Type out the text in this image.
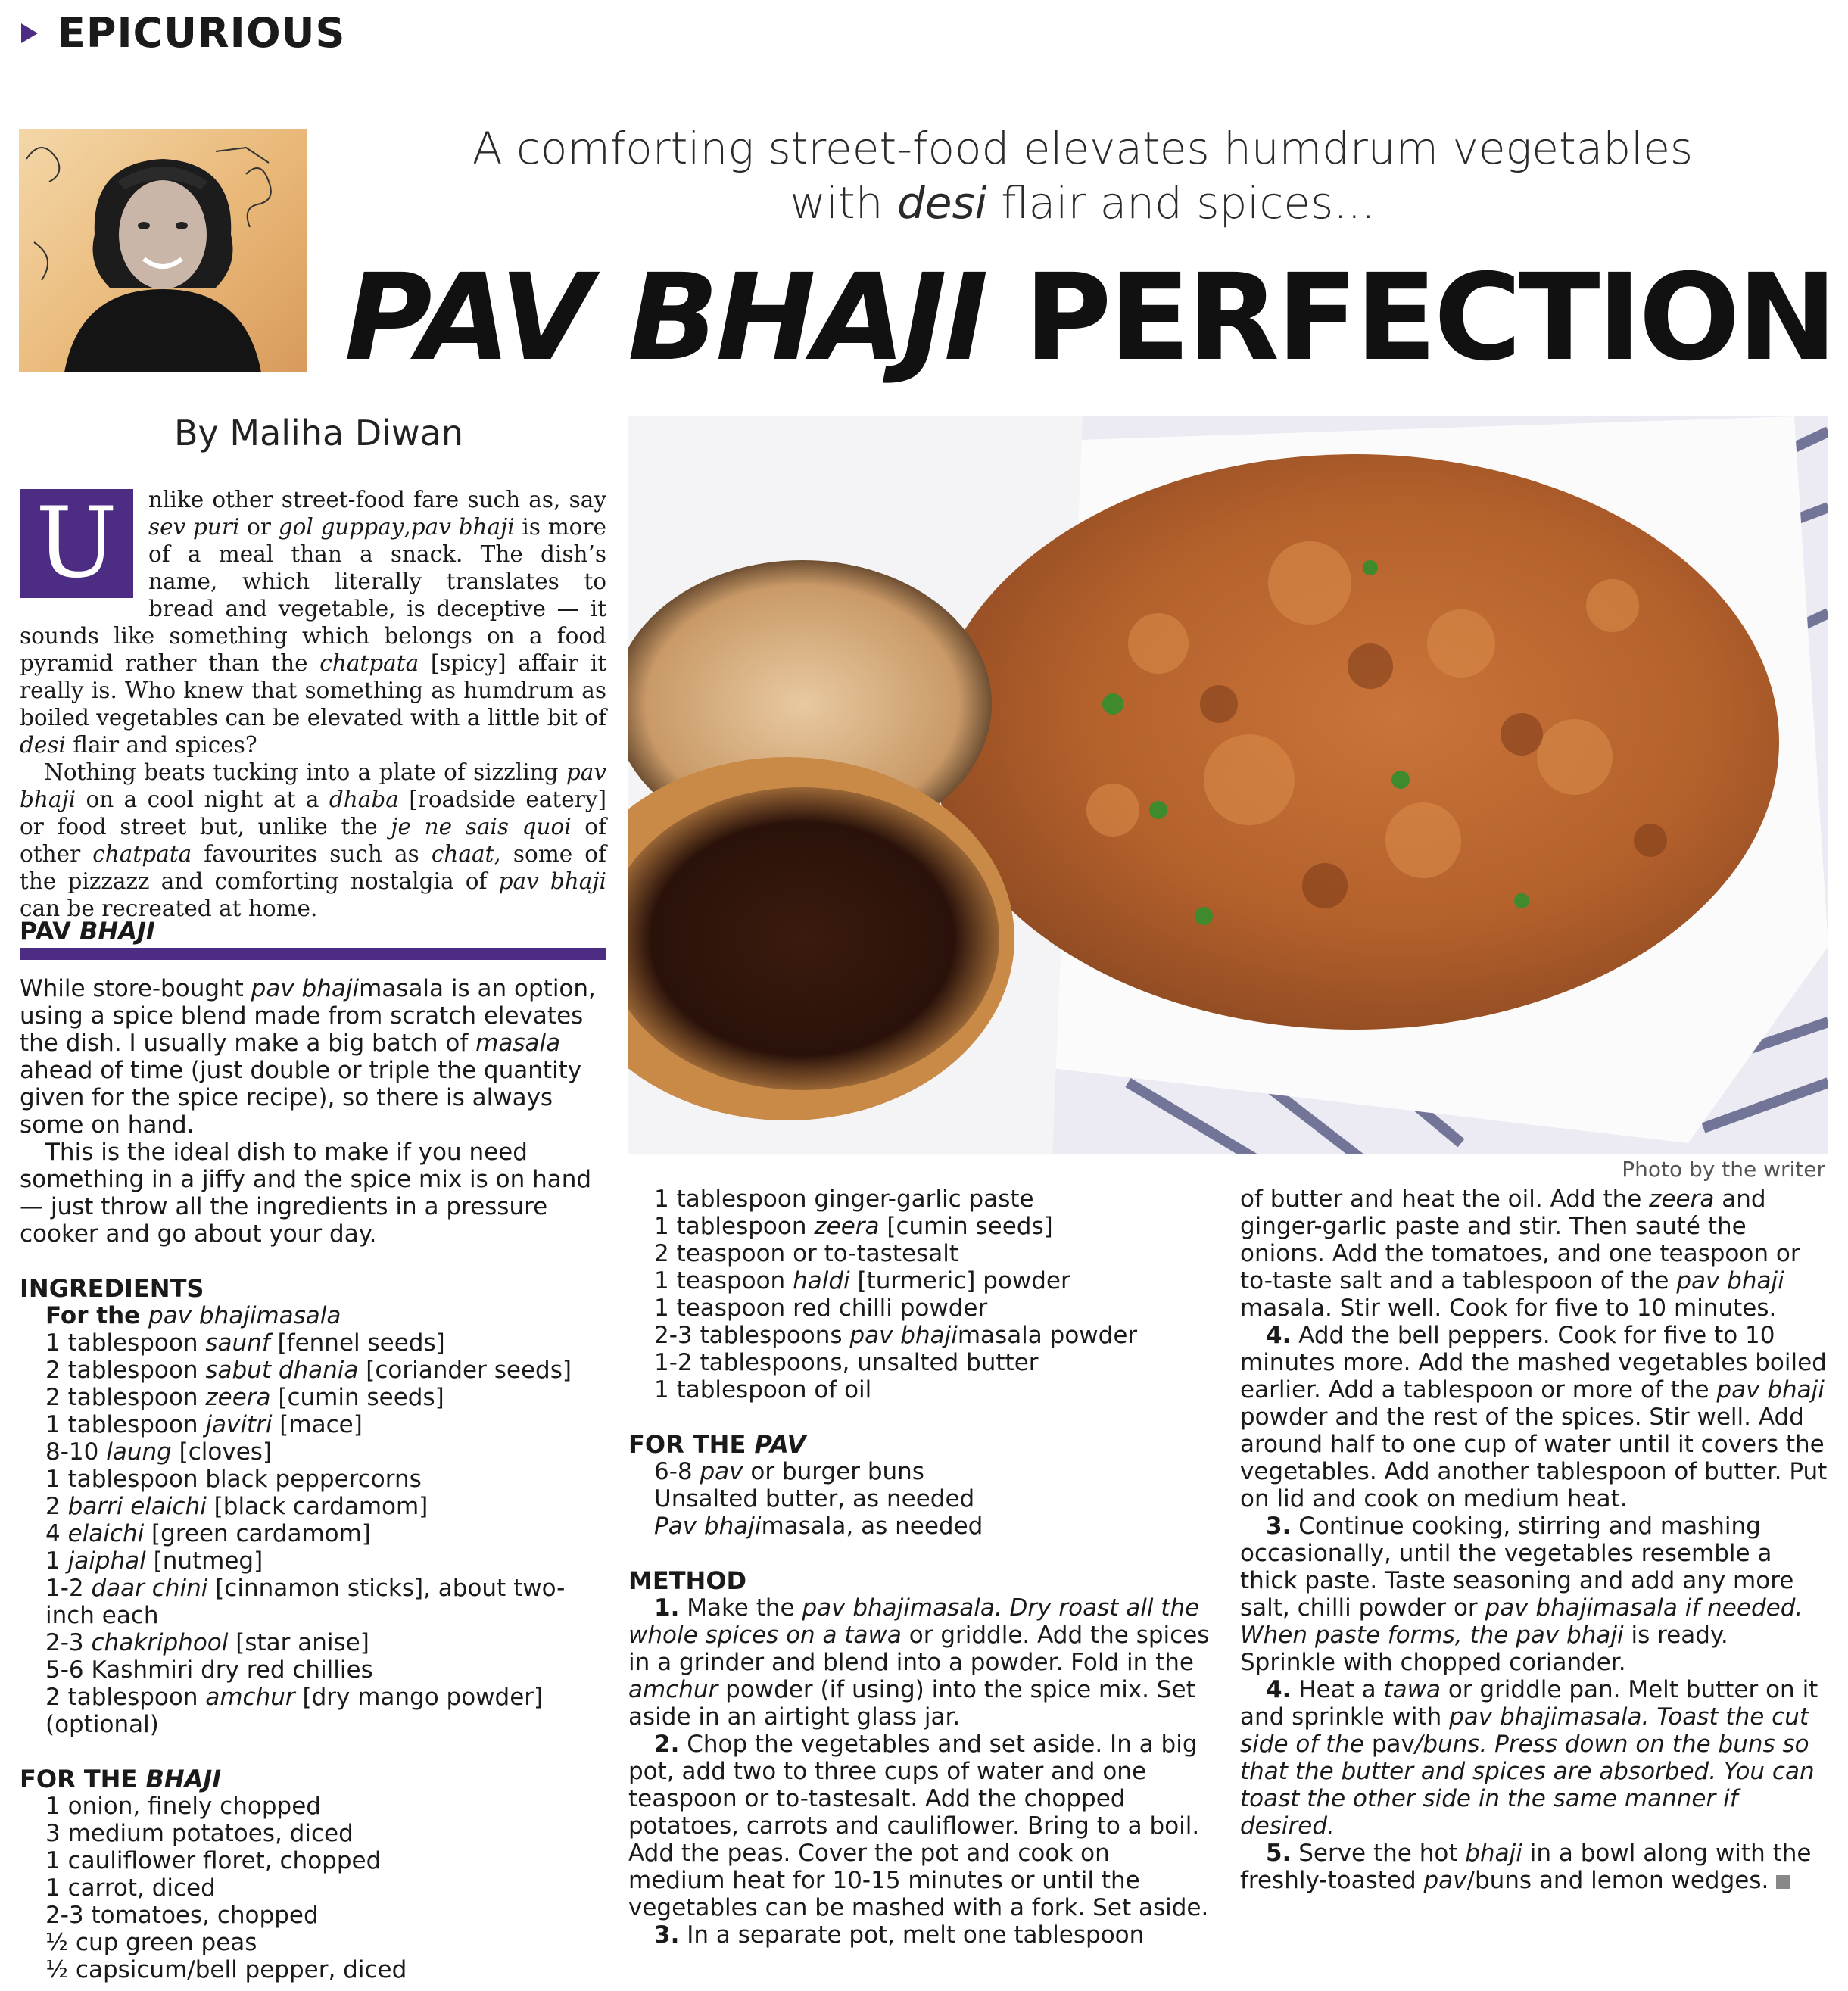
EPICURIOUS
A comforting street-food elevates humdrum vegetables
with desi flair and spices...
PAV BHAJI PERFECTION
By Maliha Diwan
Photo by the writer

U	nlike other street-food fare such as, say sev puri or gol guppay,pav bhaji is more of a meal than a snack. The dish’s name, which literally translates to bread and vegetable, is deceptive — it sounds like something which belongs on a food pyramid rather than the chatpata [spicy] affair it really is. Who knew that something as humdrum as boiled vegetables can be elevated with a little bit of desi flair and spices?

Nothing beats tucking into a plate of sizzling pav bhaji on a cool night at a dhaba [roadside eatery] or food street but, unlike the je ne sais quoi of other chatpata favourites such as chaat, some of the pizzazz and comforting nostalgia of pav bhaji can be recreated at home.

PAV BHAJI

While store-bought pav bhajimasala is an option, using a spice blend made from scratch elevates the dish. I usually make a big batch of masala ahead of time (just double or triple the quantity given for the spice recipe), so there is always some on hand.

This is the ideal dish to make if you need something in a jiffy and the spice mix is on hand — just throw all the ingredients in a pressure cooker and go about your day.

INGREDIENTS
For the pav bhajimasala
1 tablespoon saunf [fennel seeds]
2 tablespoon sabut dhania [coriander seeds]
2 tablespoon zeera [cumin seeds]
1 tablespoon javitri [mace]
8-10 laung [cloves]
1 tablespoon black peppercorns
2 barri elaichi [black cardamom]
4 elaichi [green cardamom]
1 jaiphal [nutmeg]
1-2 daar chini [cinnamon sticks], about two-inch each
2-3 chakriphool [star anise]
5-6 Kashmiri dry red chillies
2 tablespoon amchur [dry mango powder] (optional)
FOR THE BHAJI
1 onion, finely chopped
3 medium potatoes, diced
1 cauliflower floret, chopped
1 carrot, diced
2-3 tomatoes, chopped
½ cup green peas
½ capsicum/bell pepper, diced
1 tablespoon ginger-garlic paste
1 tablespoon zeera [cumin seeds]
2 teaspoon or to-tastesalt
1 teaspoon haldi [turmeric] powder
1 teaspoon red chilli powder
2-3 tablespoons pav bhajimasala powder
1-2 tablespoons, unsalted butter
1 tablespoon of oil
FOR THE PAV
6-8 pav or burger buns
Unsalted butter, as needed
Pav bhajimasala, as needed
METHOD

1. Make the pav bhajimasala. Dry roast all the whole spices on a tawa or griddle. Add the spices in a grinder and blend into a powder. Fold in the amchur powder (if using) into the spice mix. Set aside in an airtight glass jar.

2. Chop the vegetables and set aside. In a big pot, add two to three cups of water and one teaspoon or to-tastesalt. Add the chopped potatoes, carrots and cauliflower. Bring to a boil. Add the peas. Cover the pot and cook on medium heat for 10-15 minutes or until the vegetables can be mashed with a fork. Set aside.

3. In a separate pot, melt one tablespoon

of butter and heat the oil. Add the zeera and ginger-garlic paste and stir. Then sauté the onions. Add the tomatoes, and one teaspoon or to-taste salt and a tablespoon of the pav bhaji masala. Stir well. Cook for five to 10 minutes.

4. Add the bell peppers. Cook for five to 10 minutes more. Add the mashed vegetables boiled earlier. Add a tablespoon or more of the pav bhaji powder and the rest of the spices. Stir well. Add around half to one cup of water until it covers the vegetables. Add another tablespoon of butter. Put on lid and cook on medium heat.

3. Continue cooking, stirring and mashing occasionally, until the vegetables resemble a thick paste. Taste seasoning and add any more salt, chilli powder or pav bhajimasala if needed. When paste forms, the pav bhaji is ready. Sprinkle with chopped coriander.

4. Heat a tawa or griddle pan. Melt butter on it and sprinkle with pav bhajimasala. Toast the cut side of the pav/buns. Press down on the buns so that the butter and spices are absorbed. You can toast the other side in the same manner if desired.

5. Serve the hot bhaji in a bowl along with the freshly-toasted pav/buns and lemon wedges.
